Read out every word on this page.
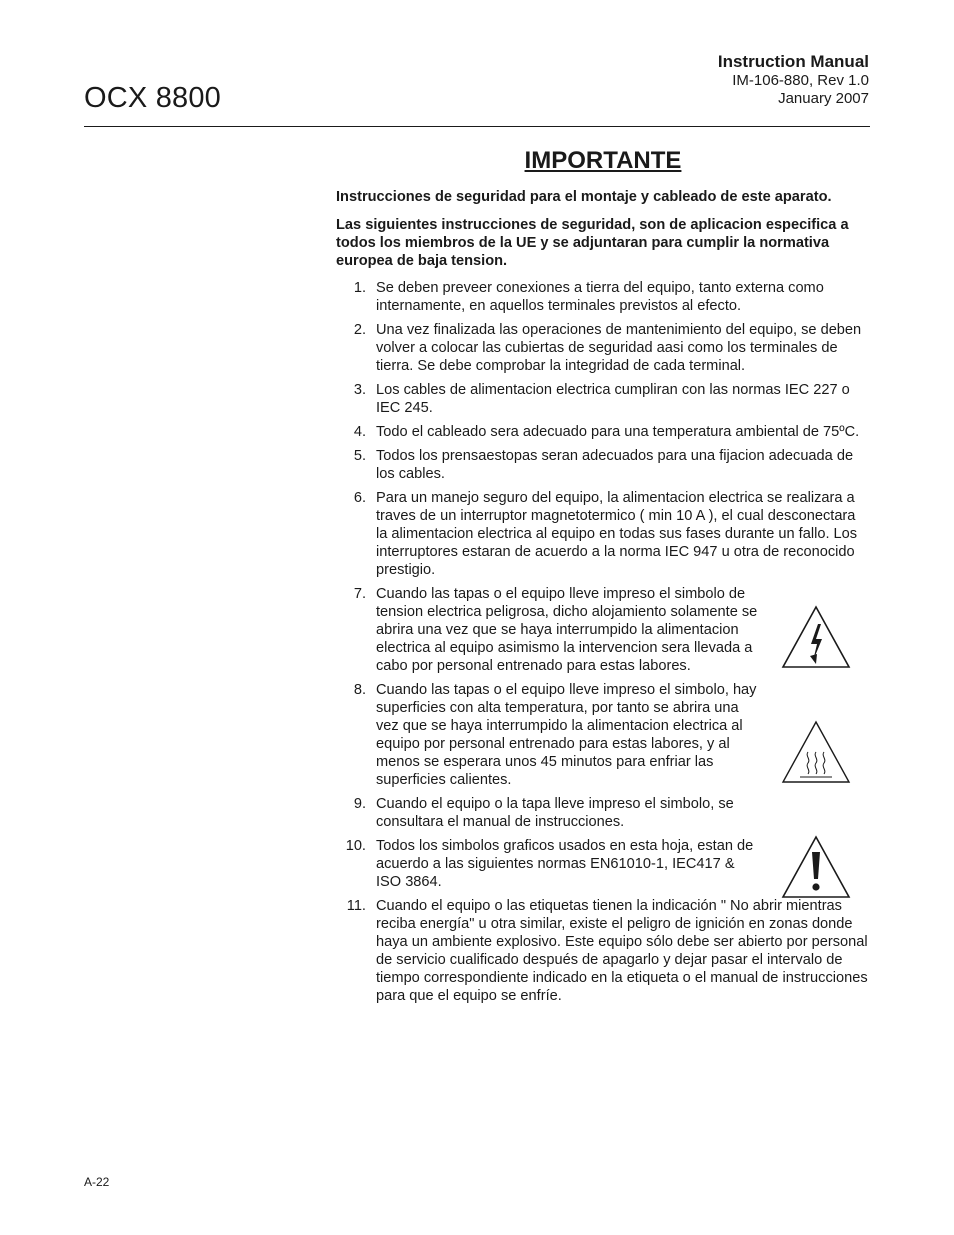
OCX 8800
Instruction Manual
IM-106-880, Rev 1.0
January 2007
IMPORTANTE
Instrucciones de seguridad para el montaje y cableado de este aparato.
Las siguientes instrucciones de seguridad, son de aplicacion especifica a todos los miembros de la UE y se adjuntaran para cumplir la normativa europea de baja tension.
1. Se deben preveer conexiones a tierra del equipo, tanto externa como internamente, en aquellos terminales previstos al efecto.
2. Una vez finalizada las operaciones de mantenimiento del equipo, se deben volver a colocar las cubiertas de seguridad aasi como los terminales de tierra. Se debe comprobar la integridad de cada terminal.
3. Los cables de alimentacion electrica cumpliran con las normas IEC 227 o IEC 245.
4. Todo el cableado sera adecuado para una temperatura ambiental de 75ºC.
5. Todos los prensaestopas seran adecuados para una fijacion adecuada de los cables.
6. Para un manejo seguro del equipo, la alimentacion electrica se realizara a traves de un interruptor magnetotermico ( min 10 A ), el cual desconectara la alimentacion electrica al equipo en todas sus fases durante un fallo. Los interruptores estaran de acuerdo a la norma IEC 947 u otra de reconocido prestigio.
7. Cuando las tapas o el equipo lleve impreso el simbolo de tension electrica peligrosa, dicho alojamiento solamente se abrira una vez que se haya interrumpido la alimentacion electrica al equipo asimismo la intervencion sera llevada a cabo por personal entrenado para estas labores.
8. Cuando las tapas o el equipo lleve impreso el simbolo, hay superficies con alta temperatura, por tanto se abrira una vez que se haya interrumpido la alimentacion electrica al equipo por personal entrenado para estas labores, y al menos se esperara unos 45 minutos para enfriar las superficies calientes.
9. Cuando el equipo o la tapa lleve impreso el simbolo, se consultara el manual de instrucciones.
10. Todos los simbolos graficos usados en esta hoja, estan de acuerdo a las siguientes normas EN61010-1, IEC417 & ISO 3864.
11. Cuando el equipo o las etiquetas tienen la indicación " No abrir mientras reciba energía" u otra similar, existe el peligro de ignición en zonas donde haya un ambiente explosivo. Este equipo sólo debe ser abierto por personal de servicio cualificado después de apagarlo y dejar pasar el intervalo de tiempo correspondiente indicado en la etiqueta o el manual de instrucciones para que el equipo se enfríe.
A-22
